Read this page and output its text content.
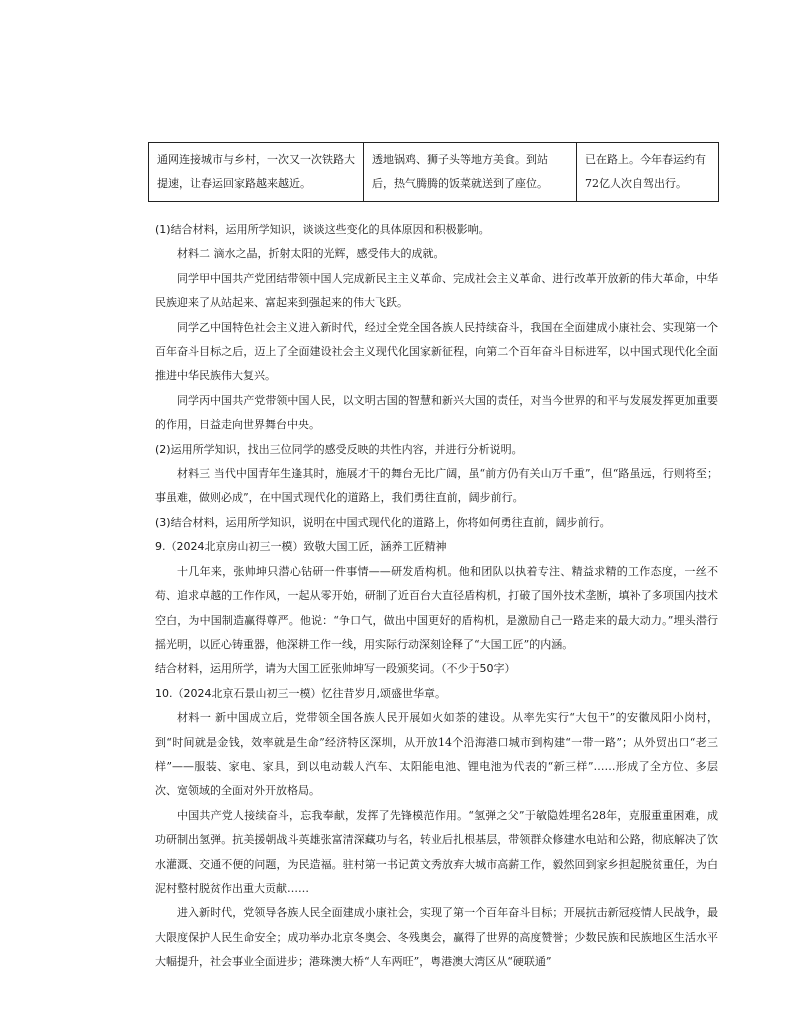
通网连接城市与乡村，一次又一次铁路大提速，让春运回家路越来越近。	透地锅鸡、狮子头等地方美食。到站后，热气腾腾的饭菜就送到了座位。	已在路上。今年春运约有72亿人次自驾出行。

(1)结合材料，运用所学知识，谈谈这些变化的具体原因和积极影响。

材料二 滴水之晶，折射太阳的光辉，感受伟大的成就。

同学甲中国共产党团结带领中国人完成新民主主义革命、完成社会主义革命、进行改革开放新的伟大革命，中华民族迎来了从站起来、富起来到强起来的伟大飞跃。

同学乙中国特色社会主义进入新时代，经过全党全国各族人民持续奋斗，我国在全面建成小康社会、实现第一个百年奋斗目标之后，迈上了全面建设社会主义现代化国家新征程，向第二个百年奋斗目标进军，以中国式现代化全面推进中华民族伟大复兴。

同学丙中国共产党带领中国人民，以文明古国的智慧和新兴大国的责任，对当今世界的和平与发展发挥更加重要的作用，日益走向世界舞台中央。

(2)运用所学知识，找出三位同学的感受反映的共性内容，并进行分析说明。

材料三 当代中国青年生逢其时，施展才干的舞台无比广阔，虽“前方仍有关山万千重”，但“路虽远，行则将至；事虽难，做则必成”，在中国式现代化的道路上，我们勇往直前，阔步前行。

(3)结合材料，运用所学知识，说明在中国式现代化的道路上，你将如何勇往直前，阔步前行。

9.（2024北京房山初三一模）致敬大国工匠，涵养工匠精神

十几年来，张帅坤只潜心钻研一件事情——研发盾构机。他和团队以执着专注、精益求精的工作态度，一丝不苟、追求卓越的工作作风，一起从零开始，研制了近百台大直径盾构机，打破了国外技术垄断，填补了多项国内技术空白，为中国制造赢得尊严。他说：“争口气，做出中国更好的盾构机，是激励自己一路走来的最大动力。”埋头潜行摇光明，以匠心铸重器，他深耕工作一线，用实际行动深刻诠释了“大国工匠”的内涵。

结合材料，运用所学，请为大国工匠张帅坤写一段颁奖词。（不少于50字）

10.（2024北京石景山初三一模）忆往昔岁月,颂盛世华章。

材料一 新中国成立后，党带领全国各族人民开展如火如荼的建设。从率先实行“大包干”的安徽凤阳小岗村，到“时间就是金钱，效率就是生命”经济特区深圳，从开放14个沿海港口城市到构建“一带一路”；从外贸出口“老三样”——服装、家电、家具，到以电动载人汽车、太阳能电池、锂电池为代表的“新三样”……形成了全方位、多层次、宽领域的全面对外开放格局。

中国共产党人接续奋斗，忘我奉献，发挥了先锋模范作用。“氢弹之父”于敏隐姓埋名28年，克服重重困难，成功研制出氢弹。抗美援朝战斗英雄张富清深藏功与名，转业后扎根基层，带领群众修建水电站和公路，彻底解决了饮水灌溉、交通不便的问题，为民造福。驻村第一书记黄文秀放弃大城市高薪工作，毅然回到家乡担起脱贫重任，为白泥村整村脱贫作出重大贡献……

进入新时代，党领导各族人民全面建成小康社会，实现了第一个百年奋斗目标；开展抗击新冠疫情人民战争，最大限度保护人民生命安全；成功举办北京冬奥会、冬残奥会，赢得了世界的高度赞誉；少数民族和民族地区生活水平大幅提升，社会事业全面进步；港珠澳大桥“人车两旺”，粤港澳大湾区从“硬联通”
